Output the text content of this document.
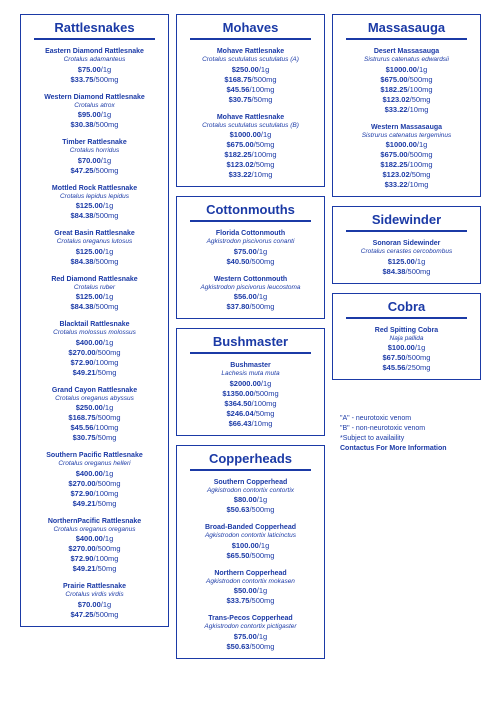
Rattlesnakes
Eastern Diamond Rattlesnake
Crotalus adamanteus
$75.00/1g
$33.75/500mg
Western Diamond Rattlesnake
Crotalus atrox
$95.00/1g
$30.38/500mg
Timber Rattlesnake
Crotalus horridus
$70.00/1g
$47.25/500mg
Mottled Rock Rattlesnake
Crotalus lepidus lepidus
$125.00/1g
$84.38/500mg
Great Basin Rattlesnake
Crotalus oreganus lutosus
$125.00/1g
$84.38/500mg
Red Diamond Rattlesnake
Crotalus ruber
$125.00/1g
$84.38/500mg
Blacktail Rattlesnake
Crotalus molossus molossus
$400.00/1g
$270.00/500mg
$72.90/100mg
$49.21/50mg
Grand Cayon Rattlesnake
Crotalus oreganus abyssus
$250.00/1g
$168.75/500mg
$45.56/100mg
$30.75/50mg
Southern Pacific Rattlesnake
Crotalus oreganus helleri
$400.00/1g
$270.00/500mg
$72.90/100mg
$49.21/50mg
NorthernPacific Rattlesnake
Crotalus oreganus oreganus
$400.00/1g
$270.00/500mg
$72.90/100mg
$49.21/50mg
Prairie Rattlesnake
Crotalus virdis virdis
$70.00/1g
$47.25/500mg
Mohaves
Mohave Rattlesnake
Crotalus scutulatus scutulatus (A)
$250.00/1g
$168.75/500mg
$45.56/100mg
$30.75/50mg
Mohave Rattlesnake
Crotalus scutulatus scutulatus (B)
$1000.00/1g
$675.00/50mg
$182.25/100mg
$123.02/50mg
$33.22/10mg
Cottonmouths
Florida Cottonmouth
Agkistrodon piscivorus conanti
$75.00/1g
$40.50/500mg
Western Cottonmouth
Agkistrodon piscivorus leucostoma
$56.00/1g
$37.80/500mg
Bushmaster
Bushmaster
Lachesis muta muta
$2000.00/1g
$1350.00/500mg
$364.50/100mg
$246.04/50mg
$66.43/10mg
Copperheads
Southern Copperhead
Agkistrodon contortix contortix
$80.00/1g
$50.63/500mg
Broad-Banded Copperhead
Agkistrodon contortix laticinctus
$100.00/1g
$65.50/500mg
Northern Copperhead
Agkistrodon contortix mokasen
$50.00/1g
$33.75/500mg
Trans-Pecos Copperhead
Agkistrodon contortix pictigaster
$75.00/1g
$50.63/500mg
Massasauga
Desert Massasauga
Sistrurus catenatus edwardsii
$1000.00/1g
$675.00/500mg
$182.25/100mg
$123.02/50mg
$33.22/10mg
Western Massasauga
Sistrurus catenatus tergeminus
$1000.00/1g
$675.00/500mg
$182.25/100mg
$123.02/50mg
$33.22/10mg
Sidewinder
Sonoran Sidewinder
Crotalus cerastes cercobombus
$125.00/1g
$84.38/500mg
Cobra
Red Spitting Cobra
Naja pallida
$100.00/1g
$67.50/500mg
$45.56/250mg
"A" - neurotoxic venom
"B" - non-neurotoxic venom
*Subject to availaility
Contactus For More Information
